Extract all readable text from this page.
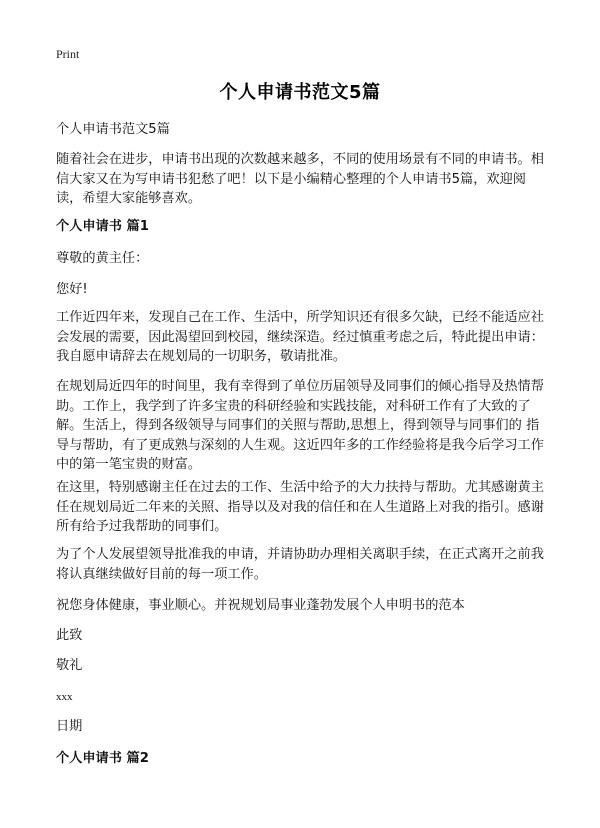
Print
个人申请书范文5篇
个人申请书范文5篇
随着社会在进步，申请书出现的次数越来越多，不同的使用场景有不同的申请书。相信大家又在为写申请书犯愁了吧！以下是小编精心整理的个人申请书5篇，欢迎阅读，希望大家能够喜欢。
个人申请书 篇1
尊敬的黄主任：
您好!
工作近四年来，发现自己在工作、生活中，所学知识还有很多欠缺，已经不能适应社会发展的需要，因此渴望回到校园，继续深造。经过慎重考虑之后，特此提出申请：我自愿申请辞去在规划局的一切职务，敬请批准。
在规划局近四年的时间里，我有幸得到了单位历届领导及同事们的倾心指导及热情帮助。工作上，我学到了许多宝贵的科研经验和实践技能，对科研工作有了大致的了解。生活上，得到各级领导与同事们的关照与帮助,思想上，得到领导与同事们的 指导与帮助，有了更成熟与深刻的人生观。这近四年多的工作经验将是我今后学习工作中的第一笔宝贵的财富。
在这里，特别感谢主任在过去的工作、生活中给予的大力扶持与帮助。尤其感谢黄主任在规划局近二年来的关照、指导以及对我的信任和在人生道路上对我的指引。感谢所有给予过我帮助的同事们。
为了个人发展望领导批准我的申请，并请协助办理相关离职手续，在正式离开之前我将认真继续做好目前的每一项工作。
祝您身体健康，事业顺心。并祝规划局事业蓬勃发展个人申明书的范本
此致
敬礼
xxx
日期
个人申请书 篇2
